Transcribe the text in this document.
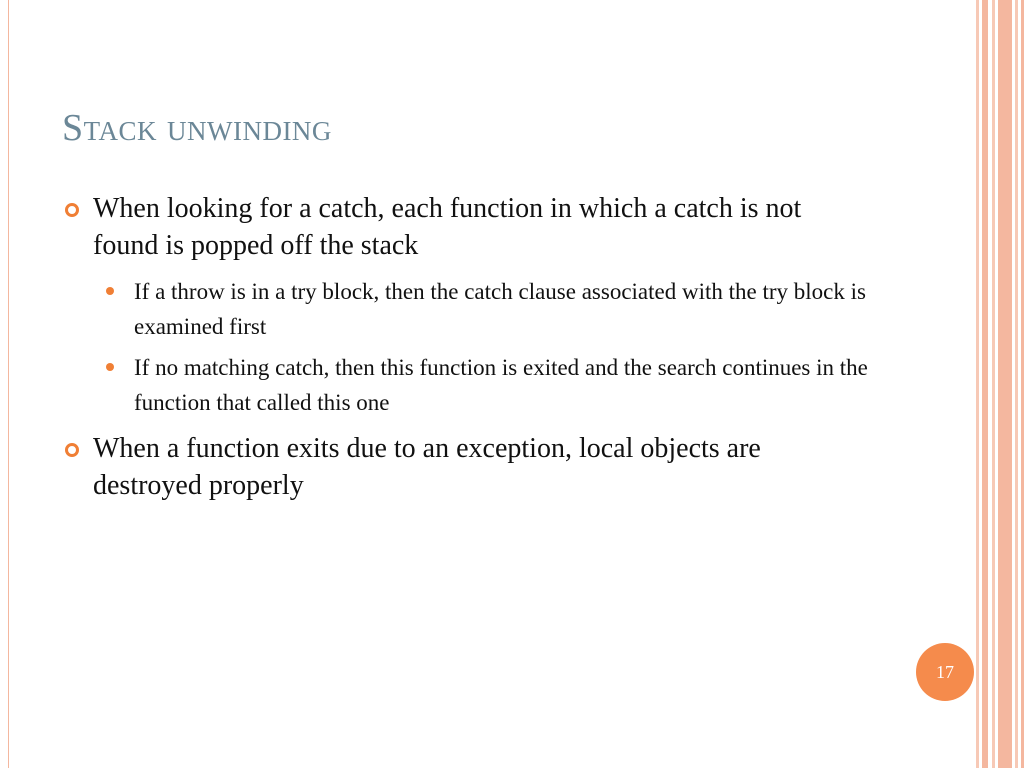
Stack unwinding
When looking for a catch, each function in which a catch is not found is popped off the stack
If a throw is in a try block, then the catch clause associated with the try block is examined first
If no matching catch, then this function is exited and the search continues in the function that called this one
When a function exits due to an exception, local objects are destroyed properly
17
